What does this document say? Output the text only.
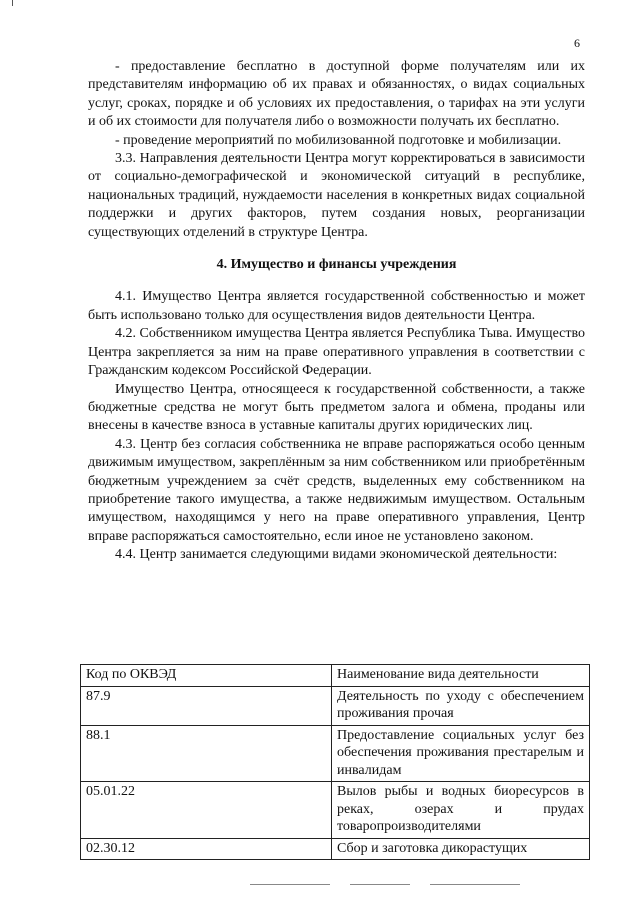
6

- предоставление бесплатно в доступной форме получателям или их представителям информацию об их правах и обязанностях, о видах социальных услуг, сроках, порядке и об условиях их предоставления, о тарифах на эти услуги и об их стоимости для получателя либо о возможности получать их бесплатно.

- проведение мероприятий по мобилизованной подготовке и мобилизации.

3.3. Направления деятельности Центра могут корректироваться в зависимости от социально-демографической и экономической ситуаций в республике, национальных традиций, нуждаемости населения в конкретных видах социальной поддержки и других факторов, путем создания новых, реорганизации существующих отделений в структуре Центра.

4. Имущество и финансы учреждения

4.1. Имущество Центра является государственной собственностью и может быть использовано только для осуществления видов деятельности Центра.

4.2. Собственником имущества Центра является Республика Тыва. Имущество Центра закрепляется за ним на праве оперативного управления в соответствии с Гражданским кодексом Российской Федерации.

Имущество Центра, относящееся к государственной собственности, а также бюджетные средства не могут быть предметом залога и обмена, проданы или внесены в качестве взноса в уставные капиталы других юридических лиц.

4.3. Центр без согласия собственника не вправе распоряжаться особо ценным движимым имуществом, закреплённым за ним собственником или приобретённым бюджетным учреждением за счёт средств, выделенных ему собственником на приобретение такого имущества, а также недвижимым имуществом. Остальным имуществом, находящимся у него на праве оперативного управления, Центр вправе распоряжаться самостоятельно, если иное не установлено законом.

4.4. Центр занимается следующими видами экономической деятельности:

Код по ОКВЭД	Наименование вида деятельности
87.9	Деятельность по уходу с обеспечением проживания прочая
88.1	Предоставление социальных услуг без обеспечения проживания престарелым и инвалидам
05.01.22	Вылов рыбы и водных биоресурсов в реках, озерах и прудах товаропроизводителями
02.30.12	Сбор и заготовка дикорастущих
